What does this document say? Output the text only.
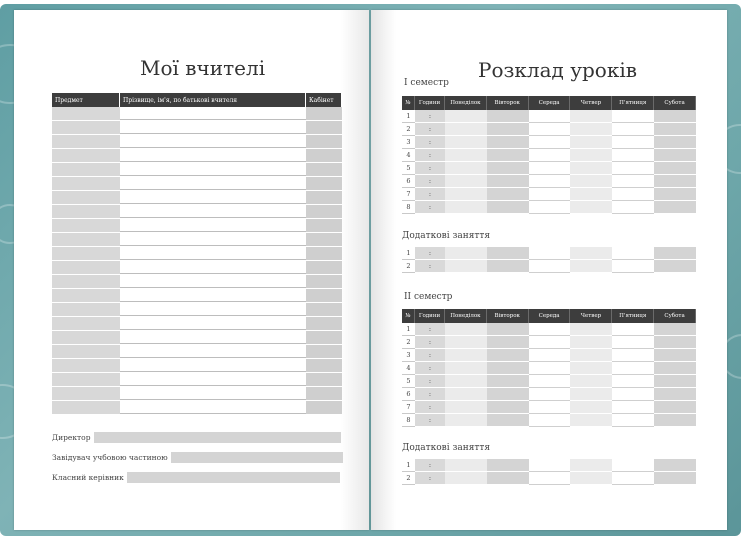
Мої вчителі
Предмет	Прізвище, ім'я, по батькові вчителя	Кабінет
Директор
Завідувач учбовою частиною
Класний керівник
Розклад уроків
I семестр
№	Години	Понеділок	Вівторок	Середа	Четвер	П'ятниця	Субота
1	:
2	:
3	:
4	:
5	:
6	:
7	:
8	:
Додаткові заняття
1	:
2	:
II семестр
№	Години	Понеділок	Вівторок	Середа	Четвер	П'ятниця	Субота
1	:
2	:
3	:
4	:
5	:
6	:
7	:
8	:
Додаткові заняття
1	:
2	:
